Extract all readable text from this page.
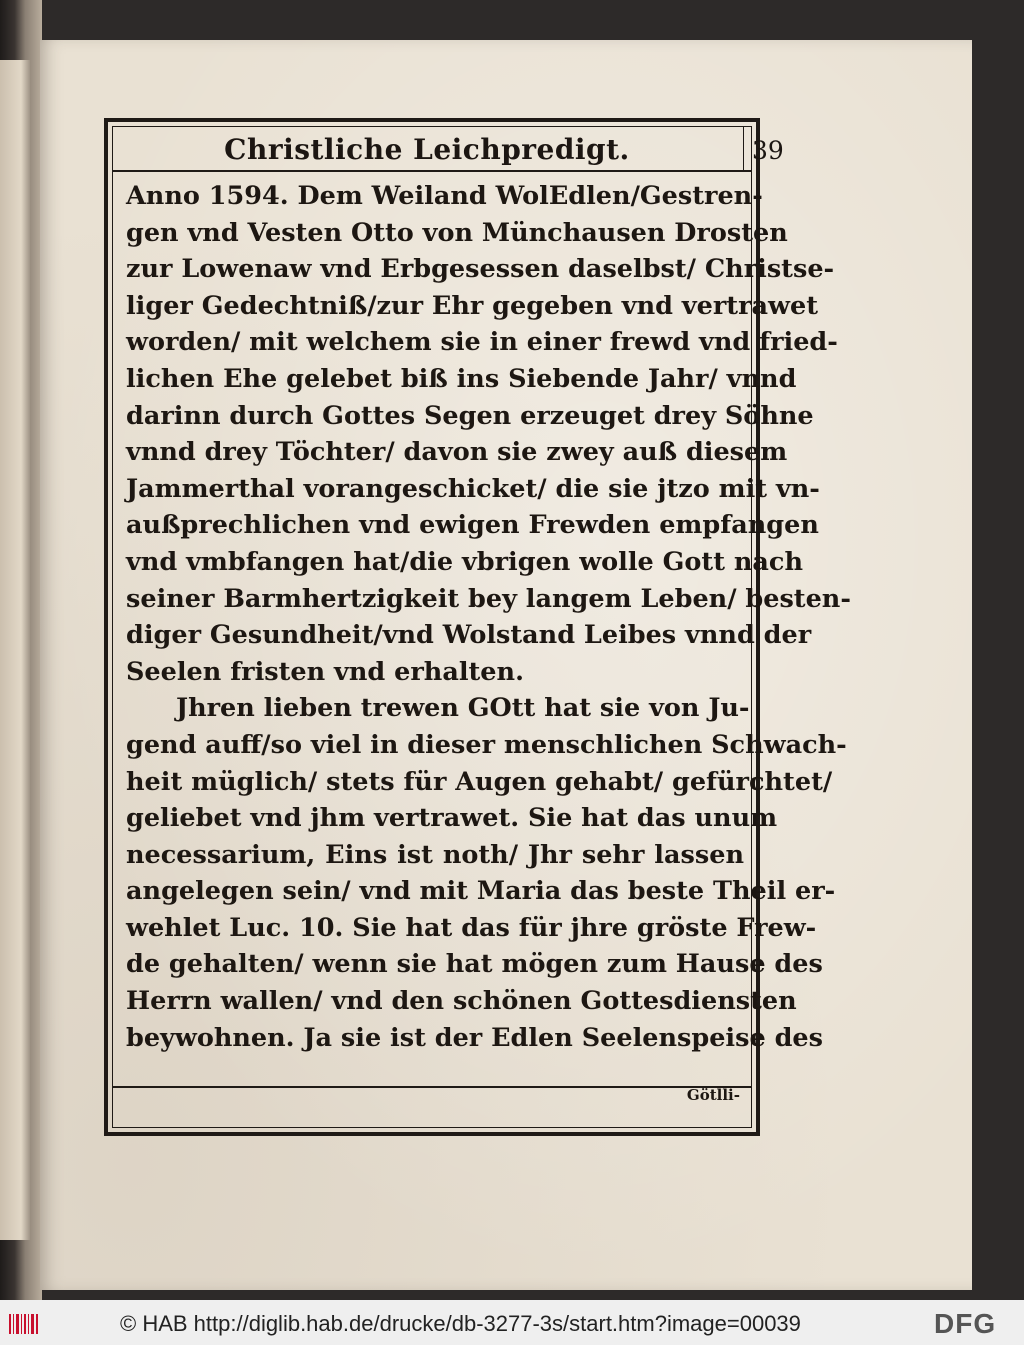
Christliche Leichpredigt.	39
Anno 1594. Dem Weiland WolEdlen/Gestren-
gen vnd Vesten Otto von Münchausen Drosten
zur Lowenaw vnd Erbgesessen daselbst/ Christse-
liger Gedechtniß/zur Ehr gegeben vnd vertrawet
worden/ mit welchem sie in einer frewd vnd fried-
lichen Ehe gelebet biß ins Siebende Jahr/ vnnd
darinn durch Gottes Segen erzeuget drey Söhne
vnnd drey Töchter/ davon sie zwey auß diesem
Jammerthal vorangeschicket/ die sie jtzo mit vn-
außprechlichen vnd ewigen Frewden empfangen
vnd vmbfangen hat/die vbrigen wolle Gott nach
seiner Barmhertzigkeit bey langem Leben/ besten-
diger Gesundheit/vnd Wolstand Leibes vnnd der
Seelen fristen vnd erhalten.
Jhren lieben trewen GOtt hat sie von Ju-
gend auff/so viel in dieser menschlichen Schwach-
heit müglich/ stets für Augen gehabt/ gefürchtet/
geliebet vnd jhm vertrawet. Sie hat das unum
necessarium, Eins ist noth/ Jhr sehr lassen
angelegen sein/ vnd mit Maria das beste Theil er-
wehlet Luc. 10. Sie hat das für jhre gröste Frew-
de gehalten/ wenn sie hat mögen zum Hause des
Herrn wallen/ vnd den schönen Gottesdiensten
beywohnen. Ja sie ist der Edlen Seelenspeise des
Götlli-
© HAB http://diglib.hab.de/drucke/db-3277-3s/start.htm?image=00039	DFG
